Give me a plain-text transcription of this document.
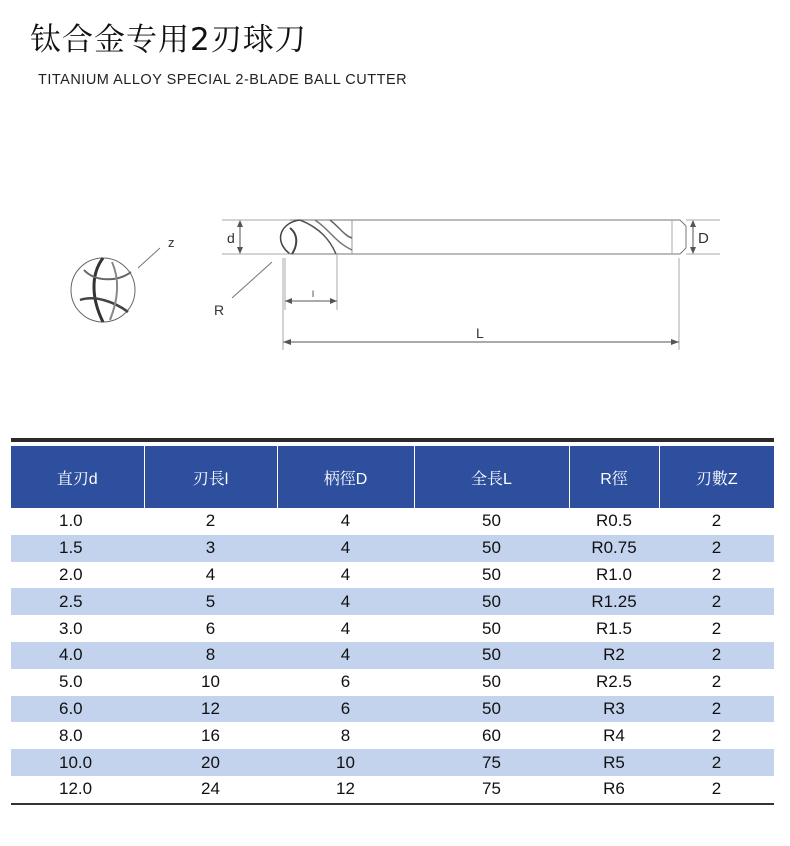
钛合金专用2刃球刀
TITANIUM ALLOY SPECIAL 2-BLADE BALL CUTTER
d	D
z
R
l
L

直刃d	刃長l	柄徑D	全長L	R徑	刃數Z
1.0	2	4	50	R0.5	2
1.5	3	4	50	R0.75	2
2.0	4	4	50	R1.0	2
2.5	5	4	50	R1.25	2
3.0	6	4	50	R1.5	2
4.0	8	4	50	R2	2
5.0	10	6	50	R2.5	2
6.0	12	6	50	R3	2
8.0	16	8	60	R4	2
10.0	20	10	75	R5	2
12.0	24	12	75	R6	2
